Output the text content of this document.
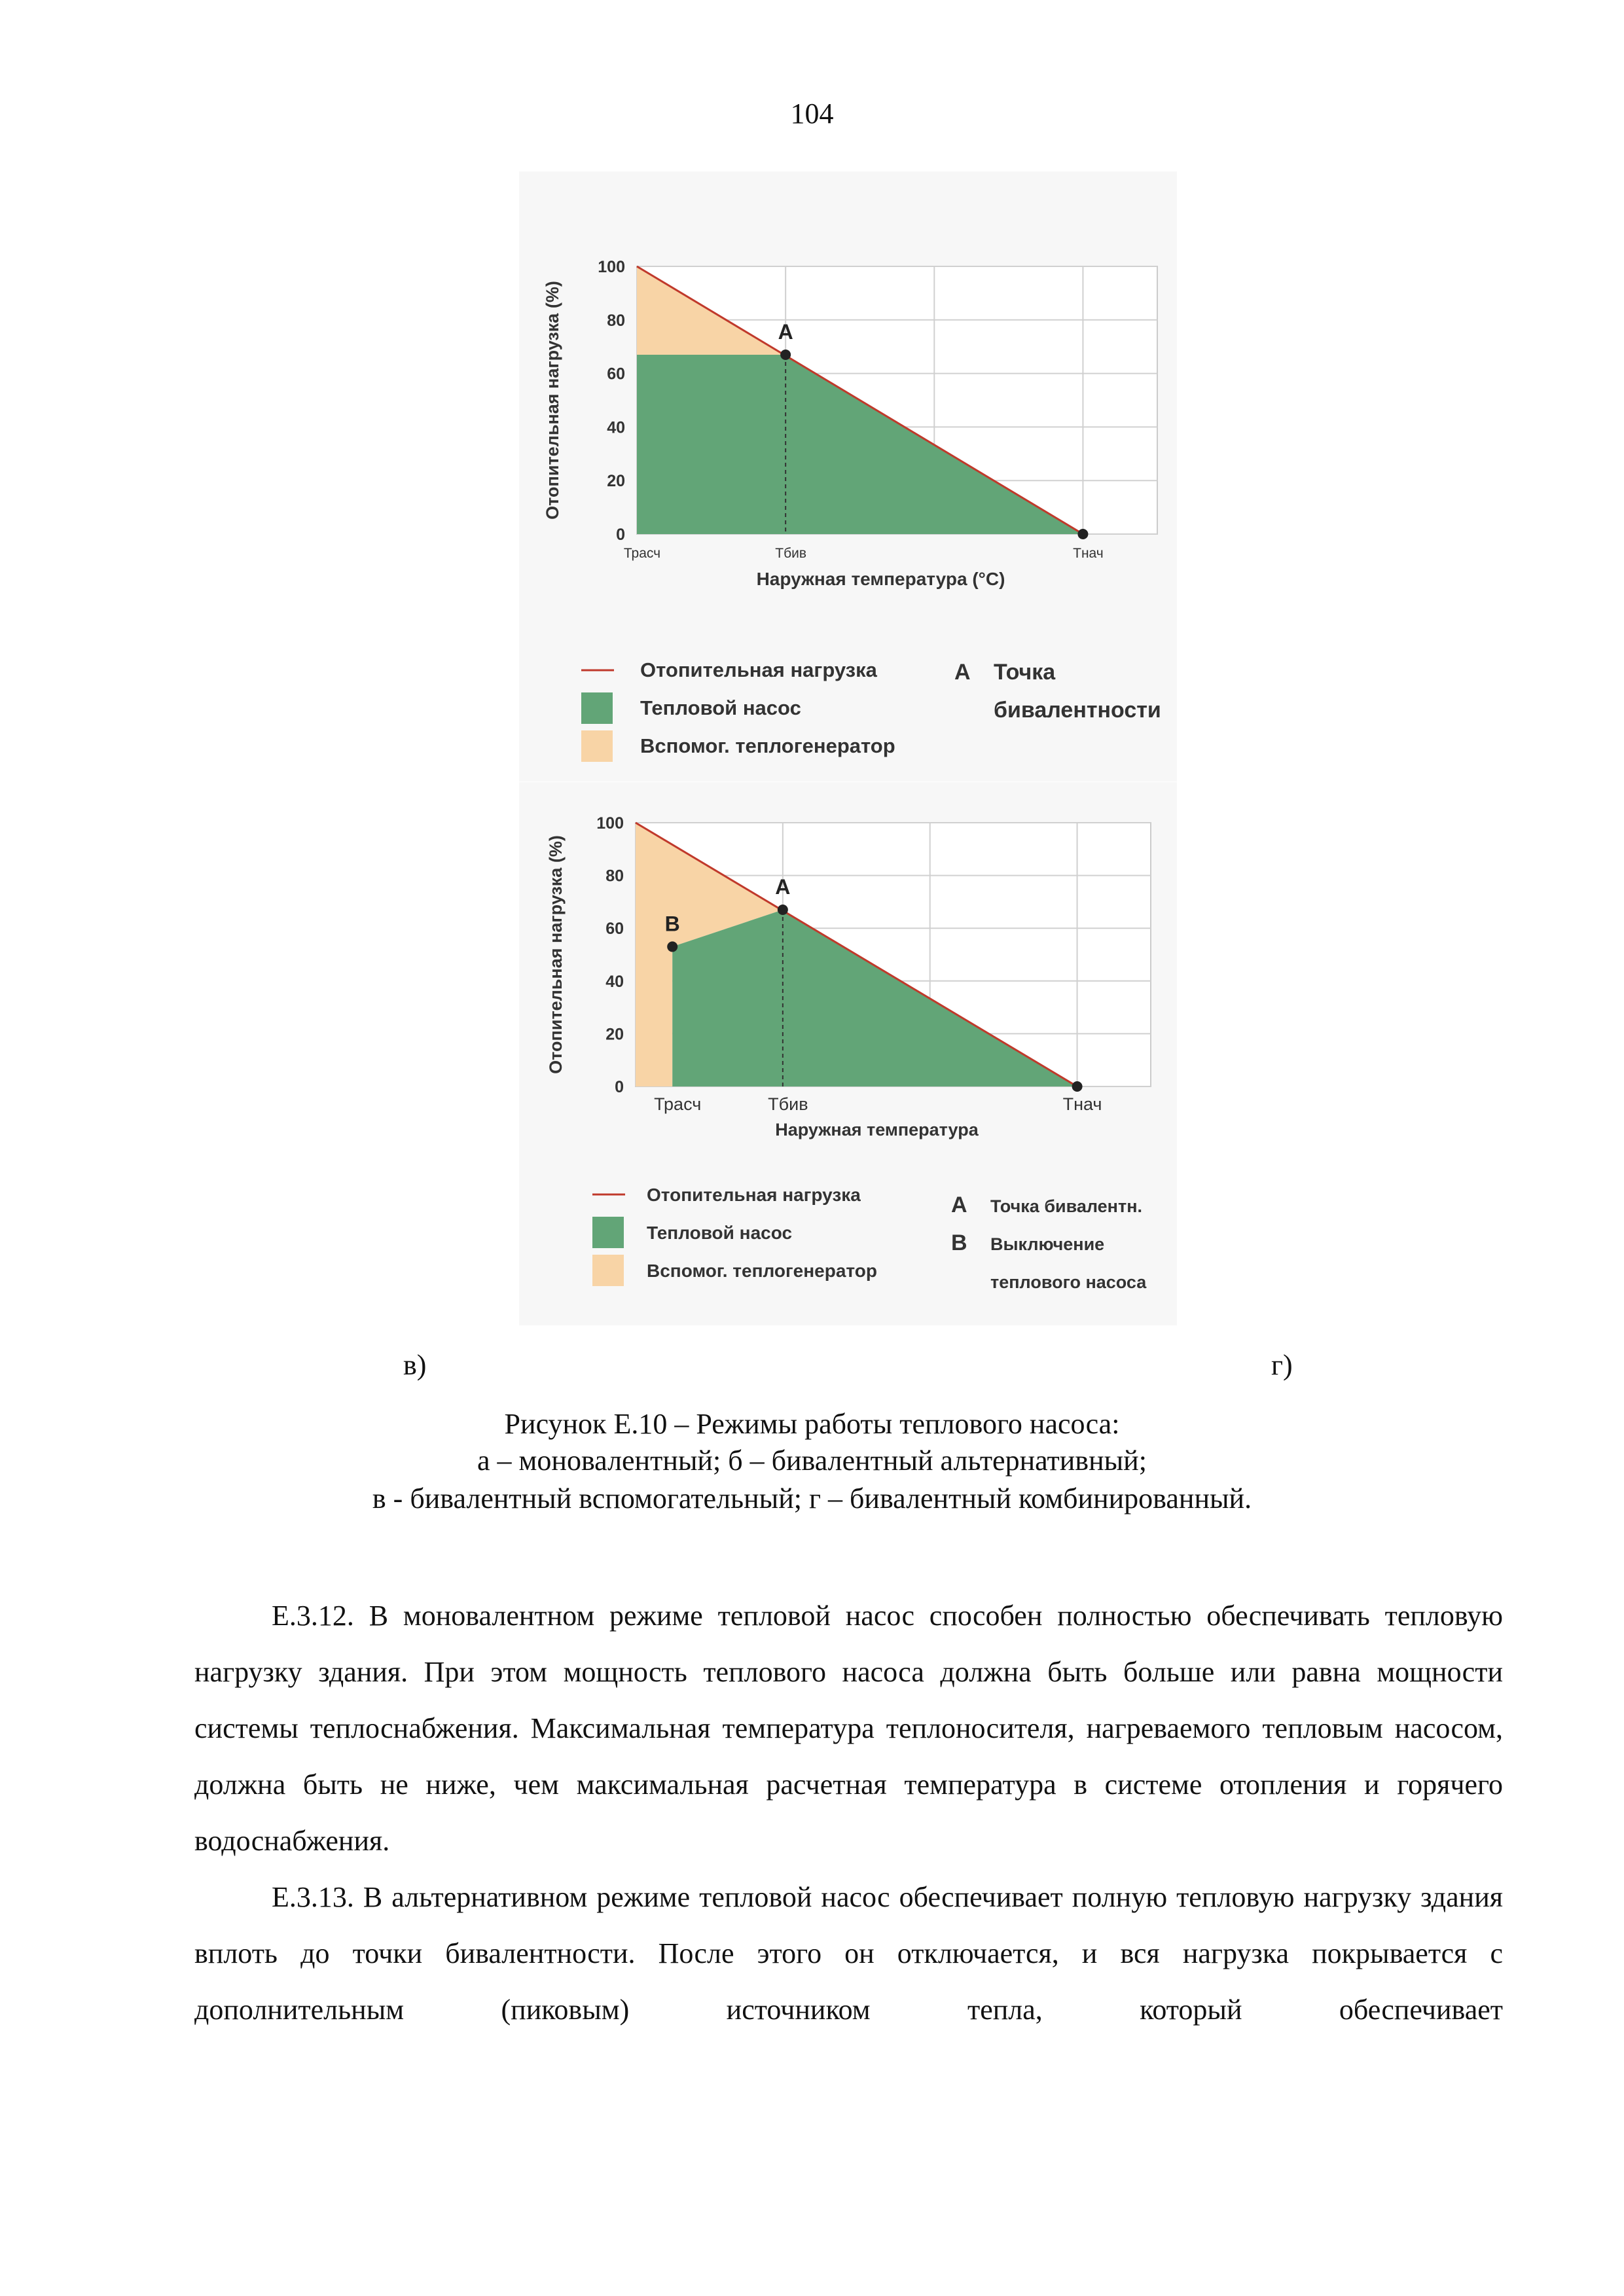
104
0
20
40
60
80
100
Трасч	Тбив	Тнач
Отопительная нагрузка (%)
Наружная температура (°C)
A
Отопительная нагрузка
Тепловой насос
Вспомог. теплогенератор
A Точка
бивалентности
0
20
40
60
80
100
Трасч	Тбив	Тнач
Отопительная нагрузка (%)
Наружная температура
A
B
Отопительная нагрузка
Тепловой насос
Вспомог. теплогенератор
A Точка бивалентн.
B Выключение
теплового насоса
в)	г)
Рисунок Е.10 – Режимы работы теплового насоса:
а – моновалентный; б – бивалентный альтернативный;
в - бивалентный вспомогательный; г – бивалентный комбинированный.

Е.3.12. В моновалентном режиме тепловой насос способен полностью обеспечивать тепловую нагрузку здания. При этом мощность теплового насоса должна быть больше или равна мощности системы теплоснабжения. Максимальная температура теплоносителя, нагреваемого тепловым насосом, должна быть не ниже, чем максимальная расчетная температура в системе отопления и горячего водоснабжения.

Е.3.13. В альтернативном режиме тепловой насос обеспечивает полную тепловую нагрузку здания вплоть до точки бивалентности. После этого он отключается, и вся нагрузка покрывается с дополнительным (пиковым) источником тепла, который обеспечивает
